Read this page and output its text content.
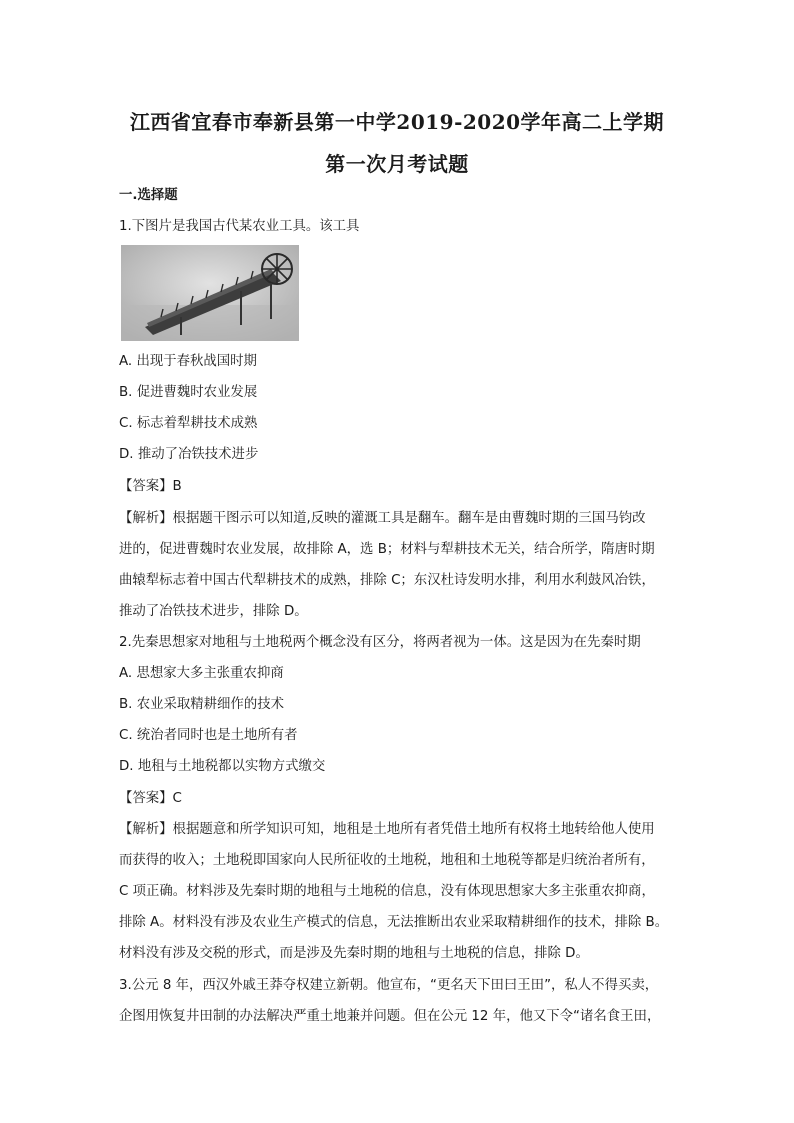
江西省宜春市奉新县第一中学2019-2020学年高二上学期
第一次月考试题
一.选择题
1.下图片是我国古代某农业工具。该工具
A. 出现于春秋战国时期
B. 促进曹魏时农业发展
C. 标志着犁耕技术成熟
D. 推动了冶铁技术进步
【答案】B
【解析】根据题干图示可以知道,反映的灌溉工具是翻车。翻车是由曹魏时期的三国马钧改
进的，促进曹魏时农业发展，故排除 A，选 B；材料与犁耕技术无关，结合所学，隋唐时期
曲辕犁标志着中国古代犁耕技术的成熟，排除 C；东汉杜诗发明水排，利用水利鼓风冶铁，
推动了冶铁技术进步，排除 D。
2.先秦思想家对地租与土地税两个概念没有区分，将两者视为一体。这是因为在先秦时期
A. 思想家大多主张重农抑商
B. 农业采取精耕细作的技术
C. 统治者同时也是土地所有者
D. 地租与土地税都以实物方式缴交
【答案】C
【解析】根据题意和所学知识可知，地租是土地所有者凭借土地所有权将土地转给他人使用
而获得的收入；土地税即国家向人民所征收的土地税，地租和土地税等都是归统治者所有，
C 项正确。材料涉及先秦时期的地租与土地税的信息，没有体现思想家大多主张重农抑商，
排除 A。材料没有涉及农业生产模式的信息，无法推断出农业采取精耕细作的技术，排除 B。
材料没有涉及交税的形式，而是涉及先秦时期的地租与土地税的信息，排除 D。
3.公元 8 年，西汉外戚王莽夺权建立新朝。他宣布，“更名天下田曰王田”，私人不得买卖，
企图用恢复井田制的办法解决严重土地兼并问题。但在公元 12 年，他又下令“诸名食王田，
